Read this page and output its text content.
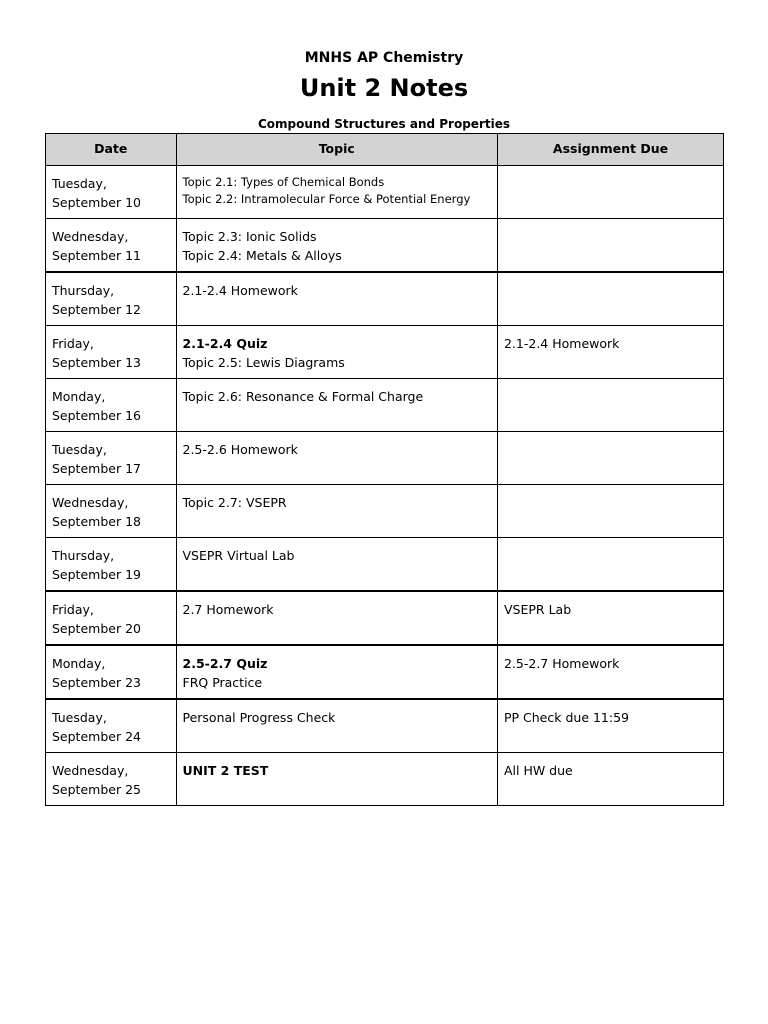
MNHS AP Chemistry
Unit 2 Notes
Compound Structures and Properties
Date	Topic	Assignment Due

Tuesday,
September 10	Topic 2.1: Types of Chemical Bonds
Topic 2.2: Intramolecular Force & Potential Energy	

Wednesday,
September 11	Topic 2.3: Ionic Solids
Topic 2.4: Metals & Alloys	

Thursday,
September 12	2.1-2.4 Homework	

Friday,
September 13	2.1-2.4 Quiz
Topic 2.5: Lewis Diagrams	2.1-2.4 Homework

Monday,
September 16	Topic 2.6: Resonance & Formal Charge	

Tuesday,
September 17	2.5-2.6 Homework	

Wednesday,
September 18	Topic 2.7: VSEPR	

Thursday,
September 19	VSEPR Virtual Lab	

Friday,
September 20	2.7 Homework	VSEPR Lab

Monday,
September 23	2.5-2.7 Quiz
FRQ Practice	2.5-2.7 Homework

Tuesday,
September 24	Personal Progress Check	PP Check due 11:59

Wednesday,
September 25	UNIT 2 TEST	All HW due
